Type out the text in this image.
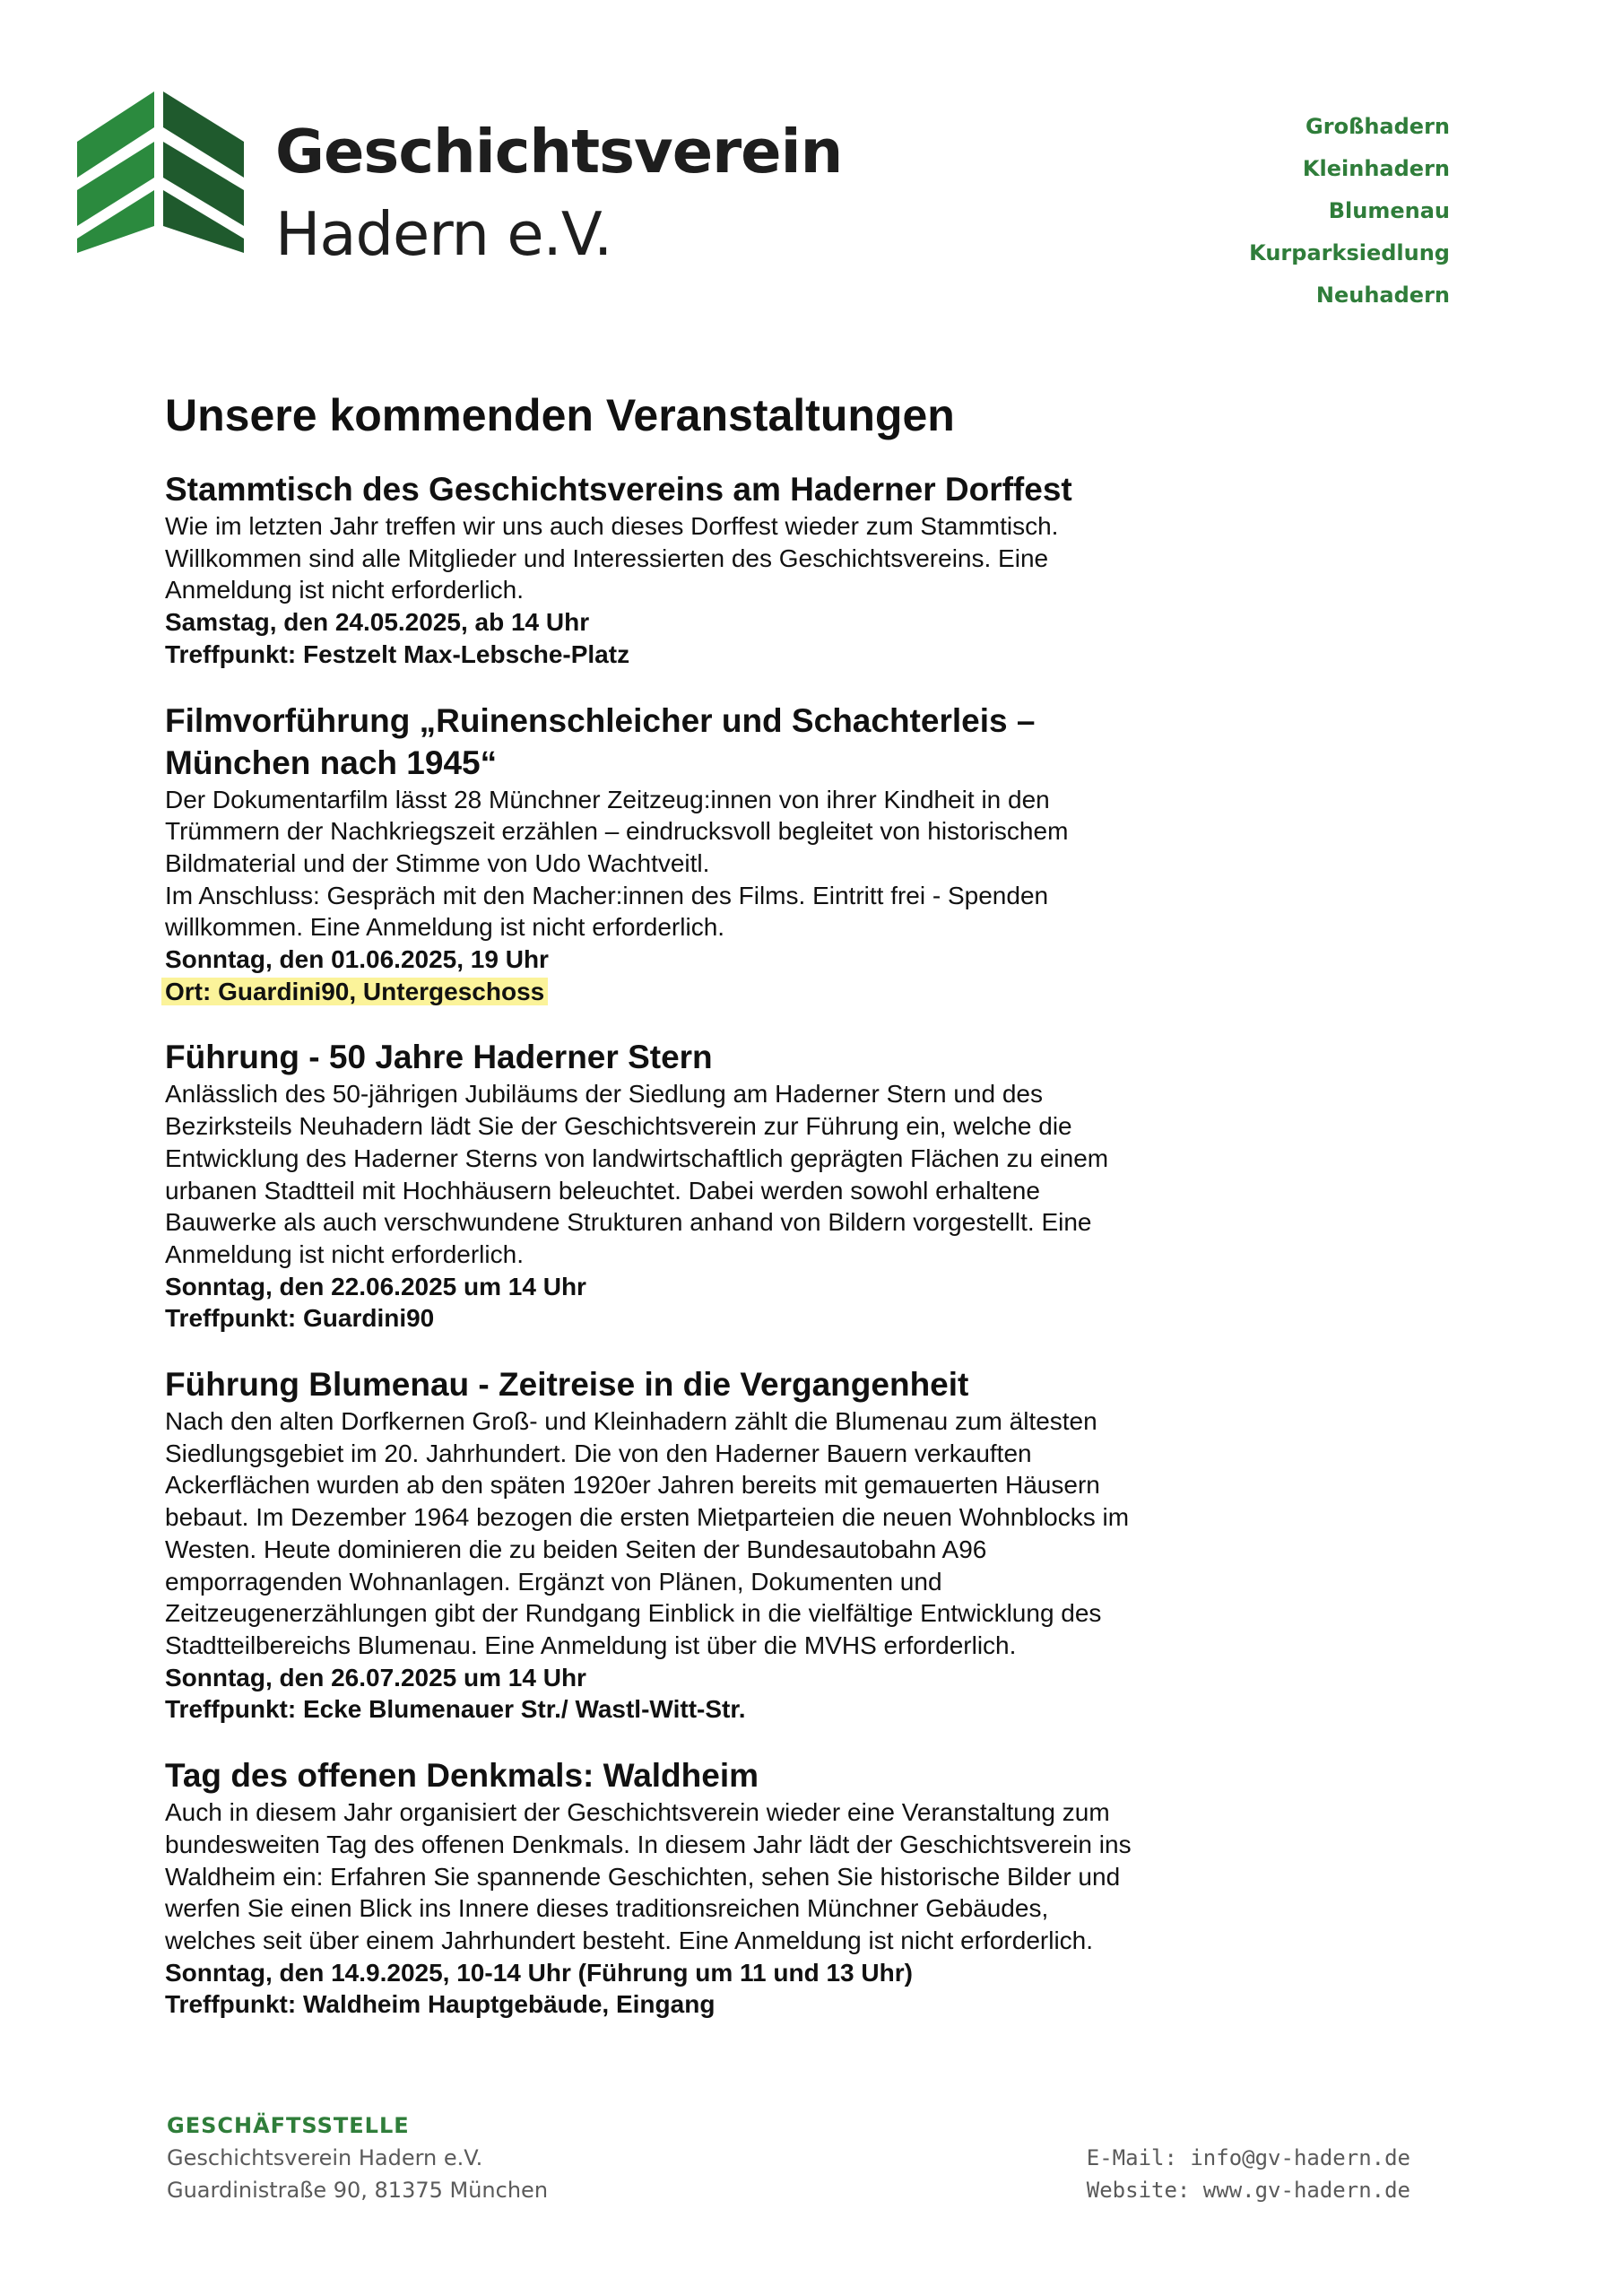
Geschichtsverein
Hadern e.V.
Großhadern
Kleinhadern
Blumenau
Kurparksiedlung
Neuhadern
Unsere kommenden Veranstaltungen
Stammtisch des Geschichtsvereins am Haderner Dorffest

Wie im letzten Jahr treffen wir uns auch dieses Dorffest wieder zum Stammtisch.

Willkommen sind alle Mitglieder und Interessierten des Geschichtsvereins. Eine

Anmeldung ist nicht erforderlich.

Samstag, den 24.05.2025, ab 14 Uhr

Treffpunkt: Festzelt Max-Lebsche-Platz

Filmvorführung „Ruinenschleicher und Schachterleis –
München nach 1945“

Der Dokumentarfilm lässt 28 Münchner Zeitzeug:innen von ihrer Kindheit in den

Trümmern der Nachkriegszeit erzählen – eindrucksvoll begleitet von historischem

Bildmaterial und der Stimme von Udo Wachtveitl.

Im Anschluss: Gespräch mit den Macher:innen des Films. Eintritt frei - Spenden

willkommen. Eine Anmeldung ist nicht erforderlich.

Sonntag, den 01.06.2025, 19 Uhr

Ort: Guardini90, Untergeschoss

Führung - 50 Jahre Haderner Stern

Anlässlich des 50-jährigen Jubiläums der Siedlung am Haderner Stern und des

Bezirksteils Neuhadern lädt Sie der Geschichtsverein zur Führung ein, welche die

Entwicklung des Haderner Sterns von landwirtschaftlich geprägten Flächen zu einem

urbanen Stadtteil mit Hochhäusern beleuchtet. Dabei werden sowohl erhaltene

Bauwerke als auch verschwundene Strukturen anhand von Bildern vorgestellt. Eine

Anmeldung ist nicht erforderlich.

Sonntag, den 22.06.2025 um 14 Uhr

Treffpunkt: Guardini90

Führung Blumenau - Zeitreise in die Vergangenheit

Nach den alten Dorfkernen Groß- und Kleinhadern zählt die Blumenau zum ältesten

Siedlungsgebiet im 20. Jahrhundert. Die von den Haderner Bauern verkauften

Ackerflächen wurden ab den späten 1920er Jahren bereits mit gemauerten Häusern

bebaut. Im Dezember 1964 bezogen die ersten Mietparteien die neuen Wohnblocks im

Westen. Heute dominieren die zu beiden Seiten der Bundesautobahn A96

emporragenden Wohnanlagen. Ergänzt von Plänen, Dokumenten und

Zeitzeugenerzählungen gibt der Rundgang Einblick in die vielfältige Entwicklung des

Stadtteilbereichs Blumenau. Eine Anmeldung ist über die MVHS erforderlich.

Sonntag, den 26.07.2025 um 14 Uhr

Treffpunkt: Ecke Blumenauer Str./ Wastl-Witt-Str.

Tag des offenen Denkmals: Waldheim

Auch in diesem Jahr organisiert der Geschichtsverein wieder eine Veranstaltung zum

bundesweiten Tag des offenen Denkmals. In diesem Jahr lädt der Geschichtsverein ins

Waldheim ein: Erfahren Sie spannende Geschichten, sehen Sie historische Bilder und

werfen Sie einen Blick ins Innere dieses traditionsreichen Münchner Gebäudes,

welches seit über einem Jahrhundert besteht. Eine Anmeldung ist nicht erforderlich.

Sonntag, den 14.9.2025, 10-14 Uhr (Führung um 11 und 13 Uhr)

Treffpunkt: Waldheim Hauptgebäude, Eingang

GESCHÄFTSSTELLE
Geschichtsverein Hadern e.V.
Guardinistraße 90, 81375 München
E-Mail: info@gv-hadern.de
Website: www.gv-hadern.de
